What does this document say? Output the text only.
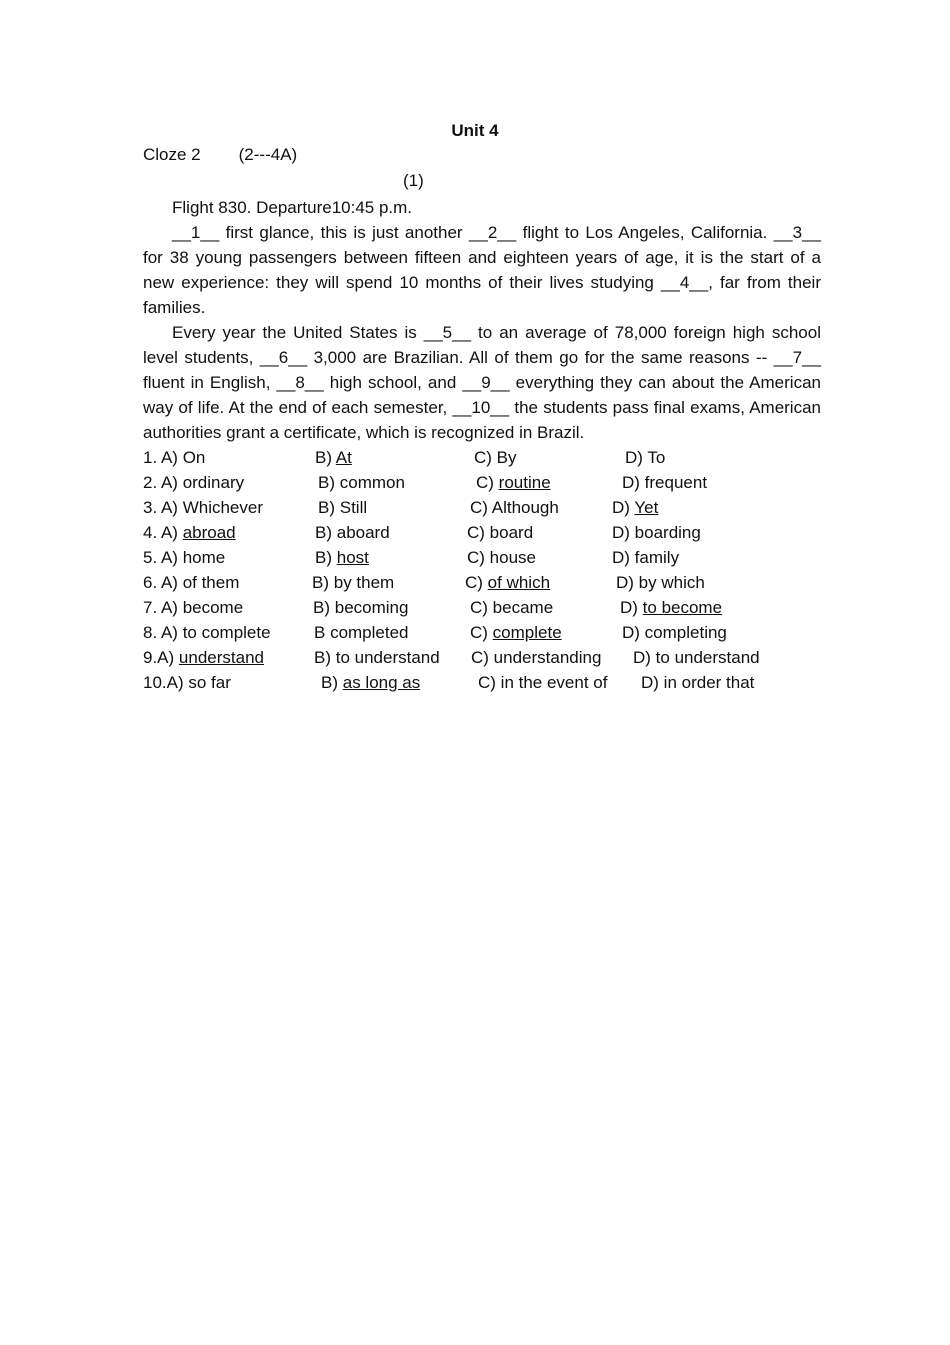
Unit 4
Cloze 2 (2---4A)
(1)
Flight 830. Departure10:45 p.m.
__1__ first glance, this is just another __2__ flight to Los Angeles, California. __3__ for 38 young passengers between fifteen and eighteen years of age, it is the start of a new experience: they will spend 10 months of their lives studying __4__, far from their families.
Every year the United States is __5__ to an average of 78,000 foreign high school level students, __6__ 3,000 are Brazilian. All of them go for the same reasons -- __7__ fluent in English, __8__ high school, and __9__ everything they can about the American way of life. At the end of each semester, __10__ the students pass final exams, American authorities grant a certificate, which is recognized in Brazil.
1. A) On	B) At	C) By	D) To
2. A) ordinary	B) common	C) routine	D) frequent
3. A) Whichever	B) Still	C) Although	D) Yet
4. A) abroad	B) aboard	C) board	D) boarding
5. A) home	B) host	C) house	D) family
6. A) of them	B) by them	C) of which	D) by which
7. A) become	B) becoming	C) became	D) to become
8. A) to complete	B completed	C) complete	D) completing
9.A) understand	B) to understand C) understanding D) to understand
10.A) so far	B) as long as	C) in the event of D) in order that
